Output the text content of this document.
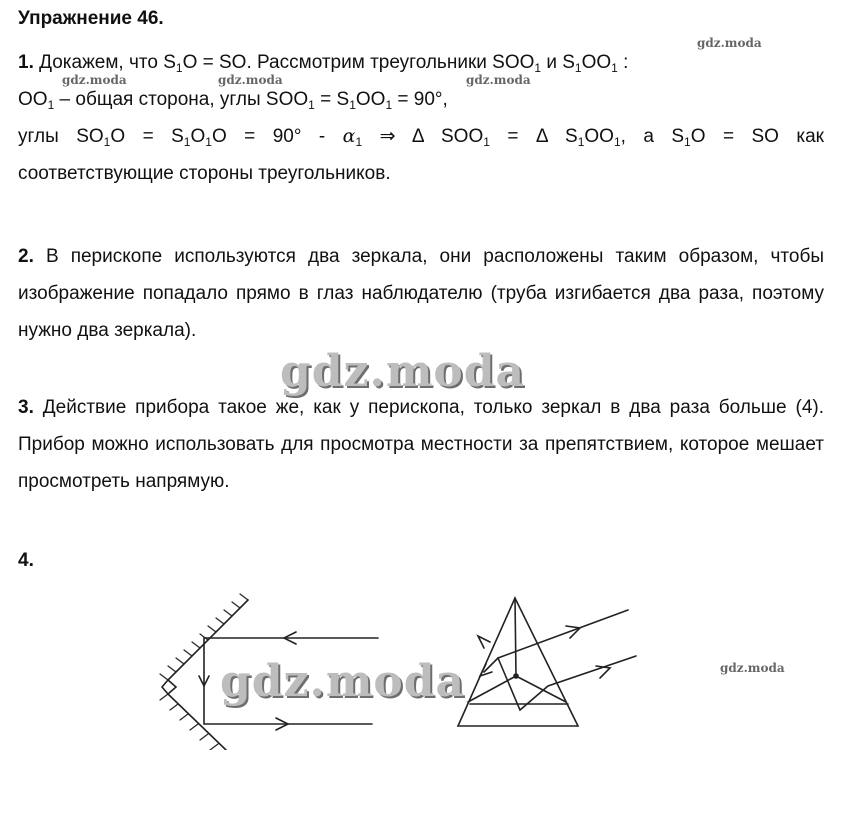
Упражнение 46.
gdz.moda
gdz.moda	gdz.moda	gdz.moda
1. Докажем, что $S_1O$ = SO. Рассмотрим треугольники $SOO_1$ и $S_1OO_1$ :
$OO_1$ – общая сторона, углы $SOO_1 = S_1OO_1 = 90^\circ$,
углы $SO_1O = S_1O_1O = 90^\circ - \alpha_1$ ⇒ Δ $SOO_1 = \Delta$ $S_1OO_1$, а $S_1O$ = SO как
соответствующие стороны треугольников.
2. В перископе используются два зеркала, они расположены таким образом, чтобы изображение попадало прямо в глаз наблюдателю (труба изгибается два раза, поэтому нужно два зеркала).
gdz.moda
3. Действие прибора такое же, как у перископа, только зеркал в два раза больше (4). Прибор можно использовать для просмотра местности за препятствием, которое мешает просмотреть напрямую.
4.
gdz.moda	gdz.moda
